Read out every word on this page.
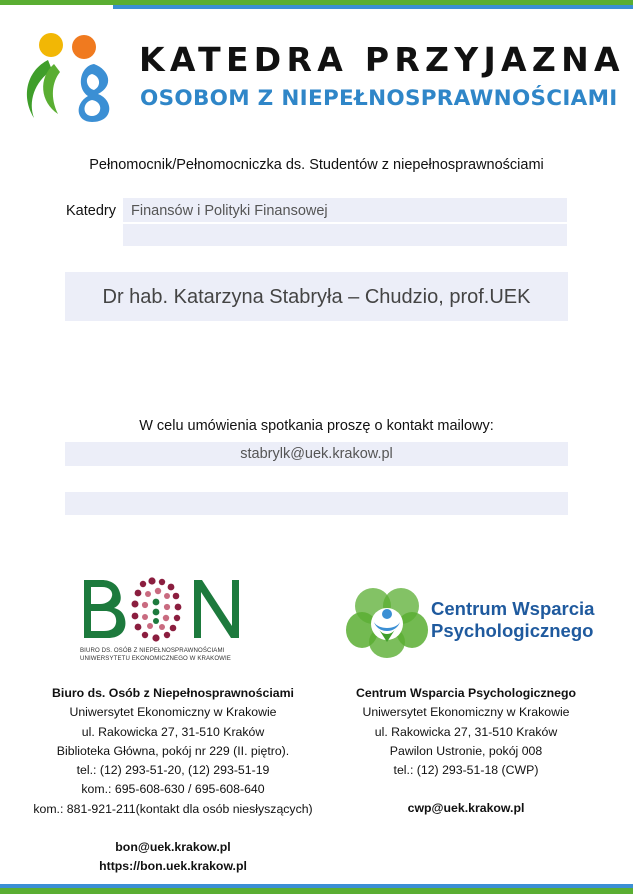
KATEDRA PRZYJAZNA
OSOBOM Z NIEPEŁNOSPRAWNOŚCIAMI
Pełnomocnik/Pełnomocniczka ds. Studentów z niepełnosprawnościami
Katedry Finansów i Polityki Finansowej
Dr hab. Katarzyna Stabryła – Chudzio, prof.UEK
W celu umówienia spotkania proszę o kontakt mailowy:
stabrylk@uek.krakow.pl
BIURO DS. OSÓB Z NIEPEŁNOSPRAWNOŚCIAMI
UNIWERSYTETU EKONOMICZNEGO W KRAKOWIE
Centrum Wsparcia
Psychologicznego
Biuro ds. Osób z Niepełnosprawnościami
Uniwersytet Ekonomiczny w Krakowie
ul. Rakowicka 27, 31-510 Kraków
Biblioteka Główna, pokój nr 229 (II. piętro).
tel.: (12) 293-51-20, (12) 293-51-19
kom.: 695-608-630 / 695-608-640
kom.: 881-921-211(kontakt dla osób niesłyszących)
bon@uek.krakow.pl
https://bon.uek.krakow.pl
Centrum Wsparcia Psychologicznego
Uniwersytet Ekonomiczny w Krakowie
ul. Rakowicka 27, 31-510 Kraków
Pawilon Ustronie, pokój 008
tel.: (12) 293-51-18 (CWP)
cwp@uek.krakow.pl
